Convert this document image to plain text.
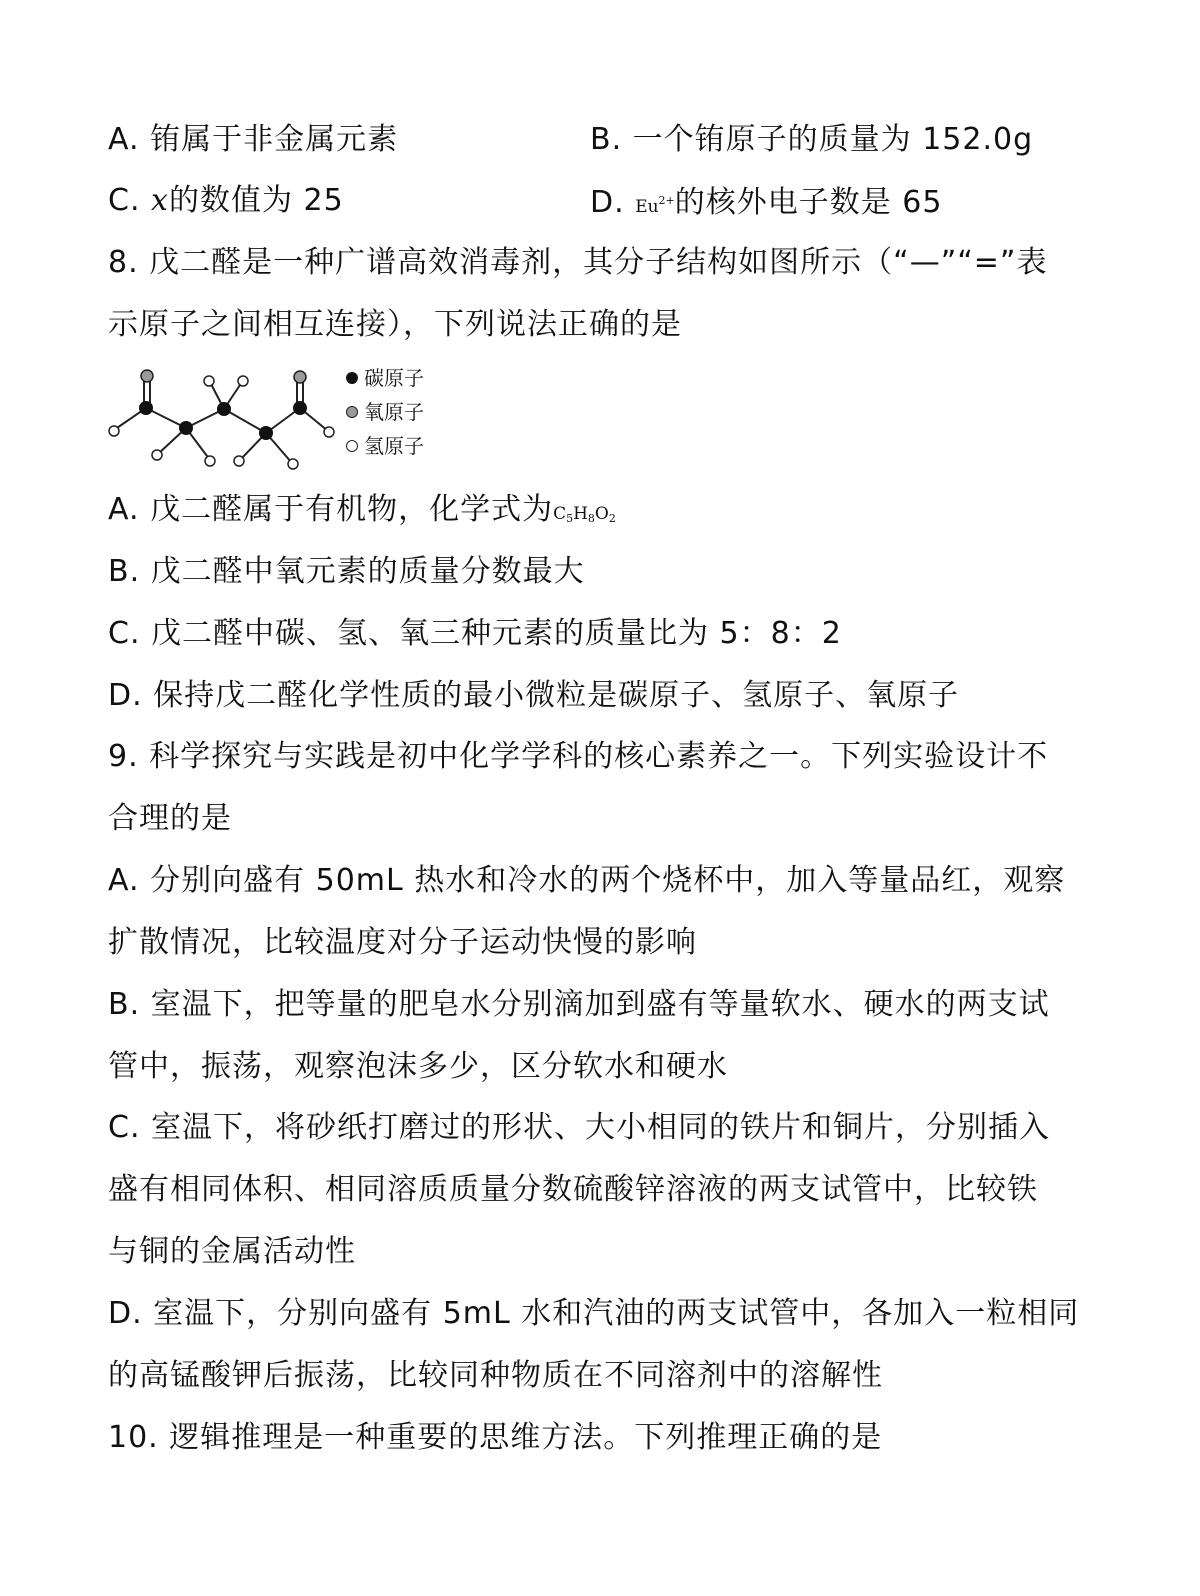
A. 铕属于非金属元素	B. 一个铕原子的质量为 152.0g
C. x的数值为 25	D. $Eu^{2+}$的核外电子数是 65
8. 戊二醛是一种广谱高效消毒剂，其分子结构如图所示（“—”“=”表
示原子之间相互连接），下列说法正确的是
碳原子
氧原子
氢原子
A. 戊二醛属于有机物，化学式为$C_5H_8O_2$
B. 戊二醛中氧元素的质量分数最大
C. 戊二醛中碳、氢、氧三种元素的质量比为 5：8：2
D. 保持戊二醛化学性质的最小微粒是碳原子、氢原子、氧原子
9. 科学探究与实践是初中化学学科的核心素养之一。下列实验设计不
合理的是
A. 分别向盛有 50mL 热水和冷水的两个烧杯中，加入等量品红，观察
扩散情况，比较温度对分子运动快慢的影响
B. 室温下，把等量的肥皂水分别滴加到盛有等量软水、硬水的两支试
管中，振荡，观察泡沫多少，区分软水和硬水
C. 室温下，将砂纸打磨过的形状、大小相同的铁片和铜片，分别插入
盛有相同体积、相同溶质质量分数硫酸锌溶液的两支试管中，比较铁
与铜的金属活动性
D. 室温下，分别向盛有 5mL 水和汽油的两支试管中，各加入一粒相同
的高锰酸钾后振荡，比较同种物质在不同溶剂中的溶解性
10. 逻辑推理是一种重要的思维方法。下列推理正确的是
